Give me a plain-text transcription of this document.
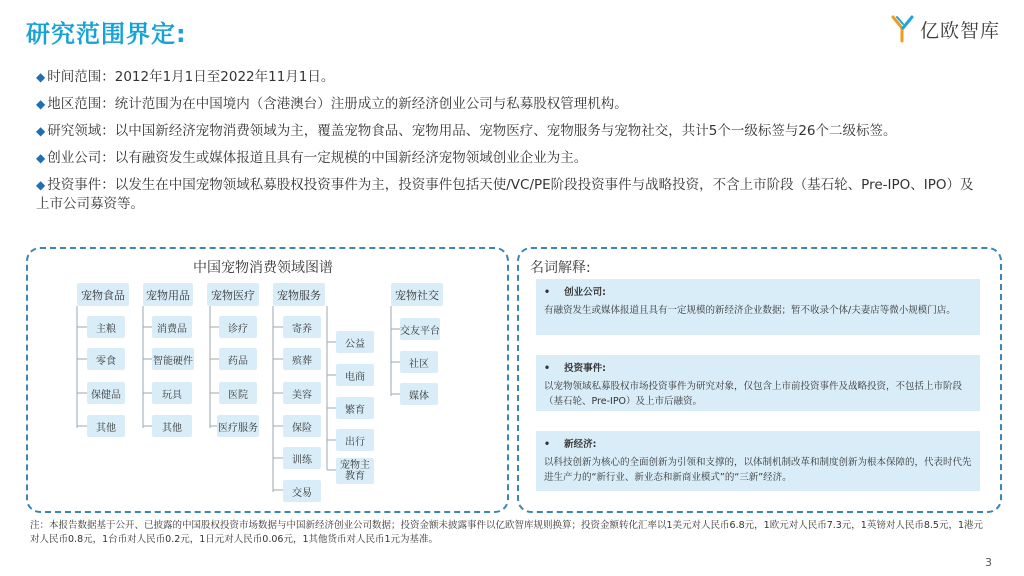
研究范围界定:	亿欧智库
◆ 时间范围：2012年1月1日至2022年11月1日。
◆ 地区范围：统计范围为在中国境内（含港澳台）注册成立的新经济创业公司与私募股权管理机构。
◆ 研究领域：以中国新经济宠物消费领域为主，覆盖宠物食品、宠物用品、宠物医疗、宠物服务与宠物社交，共计5个一级标签与26个二级标签。
◆ 创业公司：以有融资发生或媒体报道且具有一定规模的中国新经济宠物领域创业企业为主。
◆ 投资事件：以发生在中国宠物领域私募股权投资事件为主，投资事件包括天使/VC/PE阶段投资事件与战略投资，不含上市阶段（基石轮、Pre-IPO、IPO）及上市公司募资等。
中国宠物消费领域图谱
宠物食品	宠物用品	宠物医疗	宠物服务	宠物社交
主粮
零食
保健品
其他
消费品
智能硬件
玩具
其他
诊疗
药品
医院
医疗服务
寄养
殡葬
美容
保险
训练
交易
公益
电商
繁育
出行
宠物主教育
交友平台
社区
媒体
名词解释:
• 创业公司:
有融资发生或媒体报道且具有一定规模的新经济企业数据；暂不收录个体/夫妻店等微小规模门店。
• 投资事件:
以宠物领域私募股权市场投资事件为研究对象，仅包含上市前投资事件及战略投资，不包括上市阶段（基石轮、Pre-IPO）及上市后融资。
• 新经济:
以科技创新为核心的全面创新为引领和支撑的，以体制机制改革和制度创新为根本保障的，代表时代先进生产力的“新行业、新业态和新商业模式”的“三新”经济。
注：本报告数据基于公开、已披露的中国股权投资市场数据与中国新经济创业公司数据；投资金额未披露事件以亿欧智库规则换算；投资金额转化汇率以1美元对人民币6.8元，1欧元对人民币7.3元，1英镑对人民币8.5元，1港元对人民币0.8元，1台币对人民币0.2元，1日元对人民币0.06元，1其他货币对人民币1元为基准。
3
